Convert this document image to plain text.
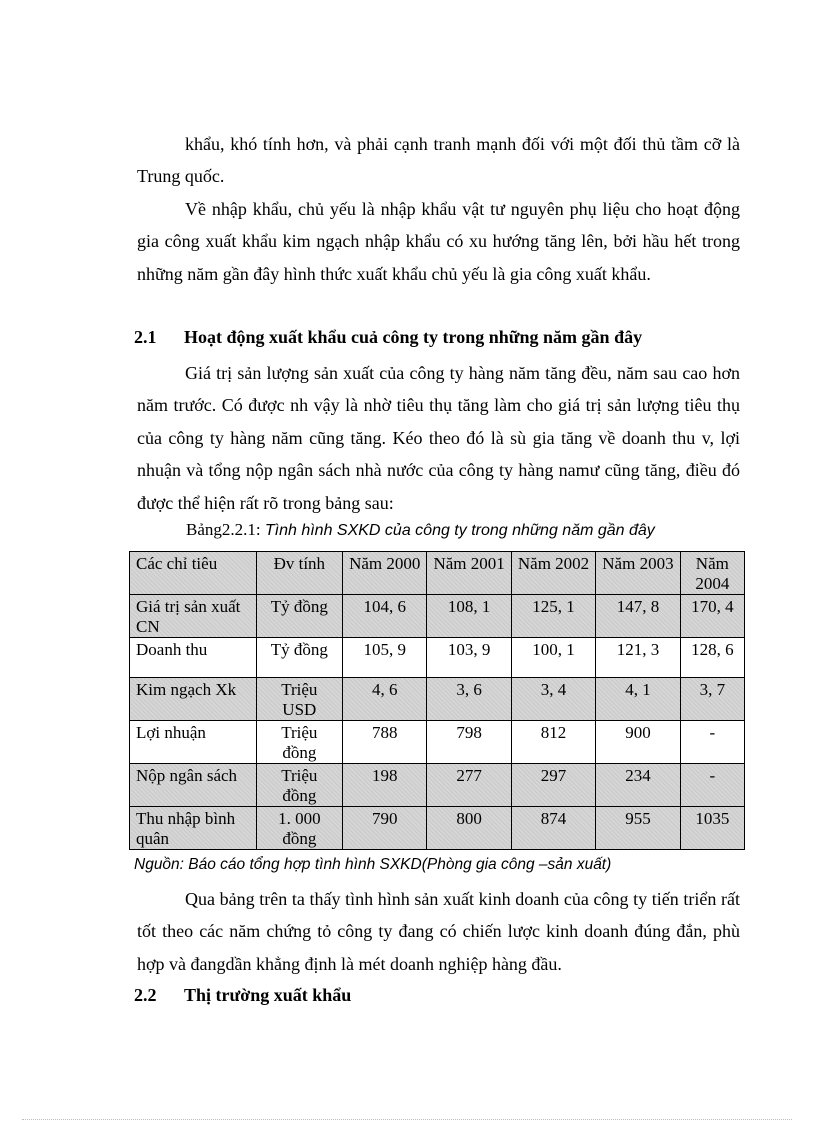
khẩu, khó tính hơn, và phải cạnh tranh mạnh đối với một đối thủ tầm cỡ là Trung quốc.

Về nhập khẩu, chủ yếu là nhập khẩu vật tư nguyên phụ liệu cho hoạt động gia công xuất khẩu kim ngạch nhập khẩu có xu hướng tăng lên, bởi hầu hết trong những năm gần đây hình thức xuất khẩu chủ yếu là gia công xuất khẩu.

2.1 Hoạt động xuất khẩu cuả công ty trong những năm gần đây

Giá trị sản lượng sản xuất của công ty hàng năm tăng đều, năm sau cao hơn năm trước. Có được nh vậy là nhờ tiêu thụ tăng làm cho giá trị sản lượng tiêu thụ của công ty hàng năm cũng tăng. Kéo theo đó là sù gia tăng về doanh thu v, lợi nhuận và tổng nộp ngân sách nhà nước của công ty hàng namư cũng tăng, điều đó được thể hiện rất rõ trong bảng sau:

Bảng2.2.1: Tình hình SXKD của công ty trong những năm gần đây

Các chỉ tiêu	Đv tính	Năm 2000	Năm 2001	Năm 2002	Năm 2003	Năm 2004
Giá trị sản xuất CN	Tỷ đồng	104, 6	108, 1	125, 1	147, 8	170, 4
Doanh thu	Tỷ đồng	105, 9	103, 9	100, 1	121, 3	128, 6
Kim ngạch Xk	Triệu USD	4, 6	3, 6	3, 4	4, 1	3, 7
Lợi nhuận	Triệu đồng	788	798	812	900	-
Nộp ngân sách	Triệu đồng	198	277	297	234	-
Thu nhập bình quân	1. 000 đồng	790	800	874	955	1035

Nguồn: Báo cáo tổng hợp tình hình SXKD(Phòng gia công –sản xuất)

Qua bảng trên ta thấy tình hình sản xuất kinh doanh của công ty tiến triển rất tốt theo các năm chứng tỏ công ty đang có chiến lược kinh doanh đúng đắn, phù hợp và đangdần khẳng định là mét doanh nghiệp hàng đầu.

2.2 Thị trường xuất khẩu
